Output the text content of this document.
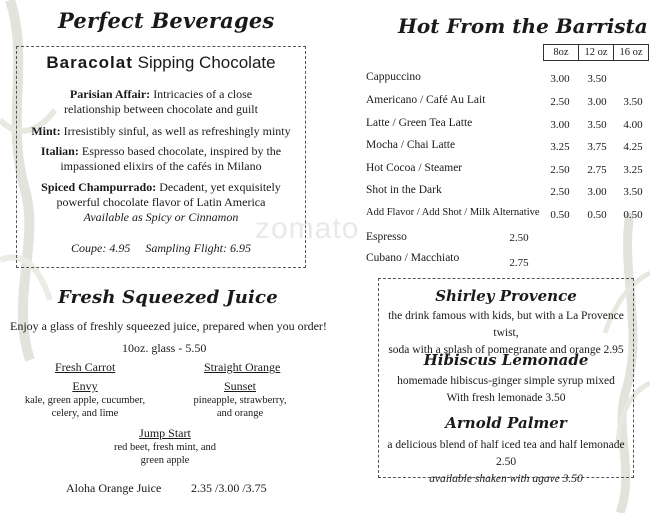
zomato
Perfect Beverages
Baracolat Sipping Chocolate
Parisian Affair: Intricacies of a close
relationship between chocolate and guilt
Mint: Irresistibly sinful, as well as refreshingly minty
Italian: Espresso based chocolate, inspired by the
impassioned elixirs of the cafés in Milano
Spiced Champurrado: Decadent, yet exquisitely
powerful chocolate flavor of Latin America
Available as Spicy or Cinnamon
Coupe: 4.95     Sampling Flight: 6.95
Fresh Squeezed Juice
Enjoy a glass of freshly squeezed juice, prepared when you order!
10oz. glass - 5.50
Fresh Carrot	Straight Orange
Envy
kale, green apple, cucumber,
celery, and lime
Sunset
pineapple, strawberry,
and orange
Jump Start
red beet, fresh mint, and
green apple
Aloha Orange Juice 2.35 /3.00 /3.75
Hot From the Barrista
8oz	12 oz	16 oz
Cappuccino	3.00	3.50
Americano / Café Au Lait	2.50	3.00	3.50
Latte / Green Tea Latte	3.00	3.50	4.00
Mocha / Chai Latte	3.25	3.75	4.25
Hot Cocoa / Steamer	2.50	2.75	3.25
Shot in the Dark	2.50	3.00	3.50
Add Flavor / Add Shot / Milk Alternative 0.50	0.50	0.50
Espresso	2.50
Cubano / Macchiato	2.75
Shirley Provence
the drink famous with kids, but with a La Provence twist,
soda with a splash of pomegranate and orange 2.95
Hibiscus Lemonade
homemade hibiscus-ginger simple syrup mixed
With fresh lemonade 3.50
Arnold Palmer
a delicious blend of half iced tea and half lemonade 2.50
available shaken with agave 3.50
